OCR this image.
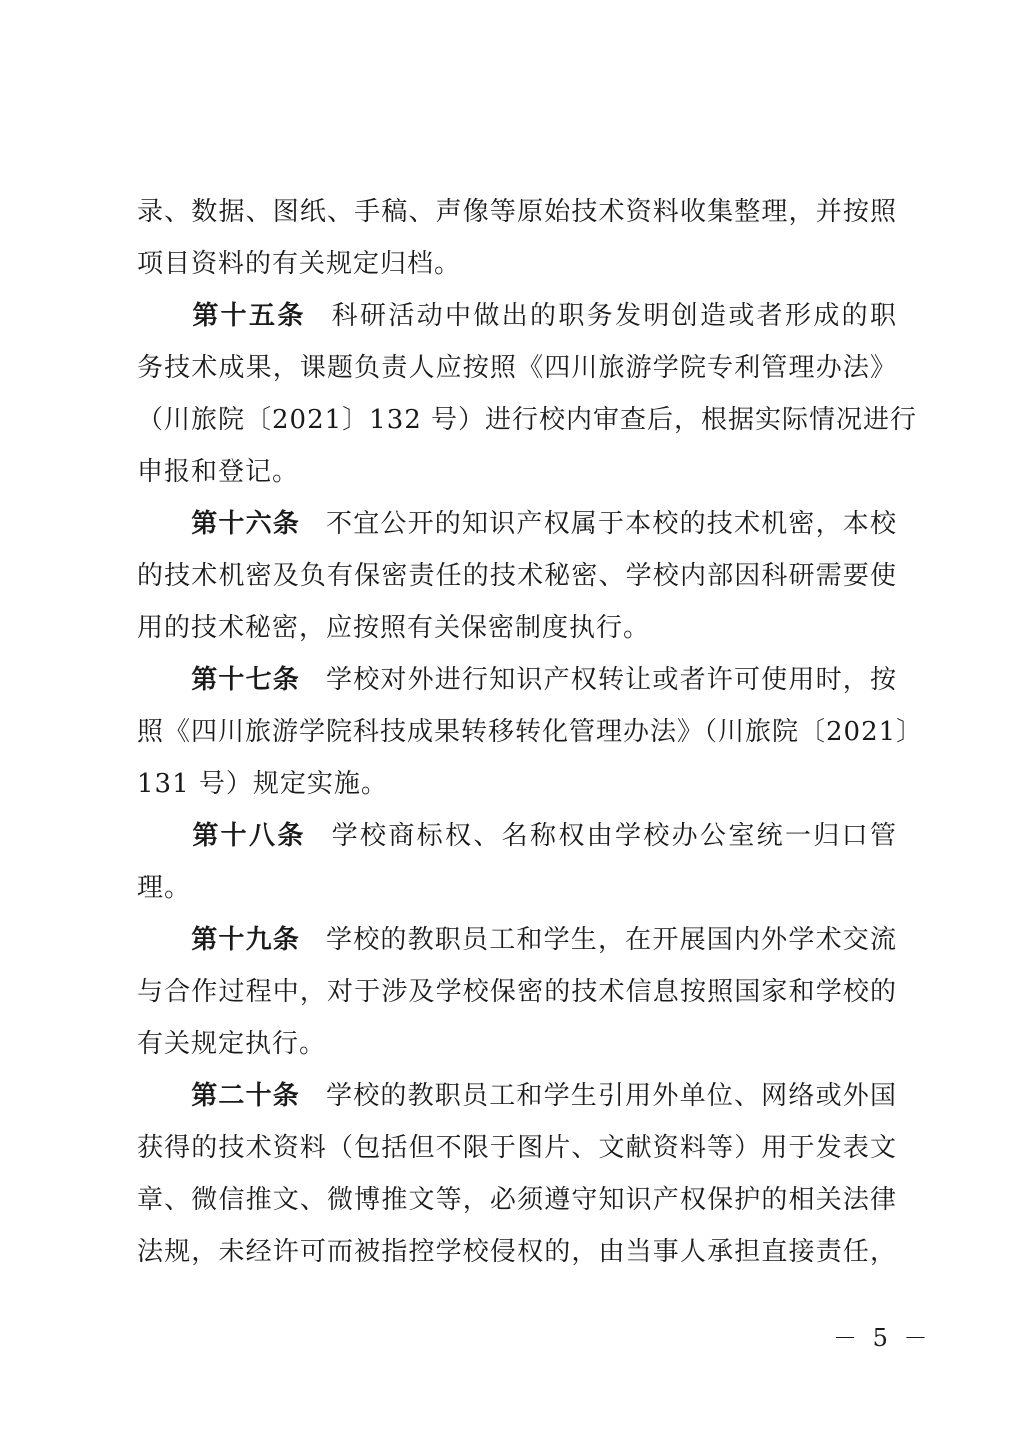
录、数据、图纸、手稿、声像等原始技术资料收集整理，并按照
项目资料的有关规定归档。

第十五条 科研活动中做出的职务发明创造或者形成的职
务技术成果，课题负责人应按照《四川旅游学院专利管理办法》
（川旅院〔2021〕132 号）进行校内审查后，根据实际情况进行
申报和登记。

第十六条 不宜公开的知识产权属于本校的技术机密，本校
的技术机密及负有保密责任的技术秘密、学校内部因科研需要使
用的技术秘密，应按照有关保密制度执行。

第十七条 学校对外进行知识产权转让或者许可使用时，按
照《四川旅游学院科技成果转移转化管理办法》（川旅院〔2021〕
131 号）规定实施。

第十八条 学校商标权、名称权由学校办公室统一归口管
理。

第十九条 学校的教职员工和学生，在开展国内外学术交流
与合作过程中，对于涉及学校保密的技术信息按照国家和学校的
有关规定执行。

第二十条 学校的教职员工和学生引用外单位、网络或外国
获得的技术资料（包括但不限于图片、文献资料等）用于发表文
章、微信推文、微博推文等，必须遵守知识产权保护的相关法律
法规，未经许可而被指控学校侵权的，由当事人承担直接责任，

－ 5 －
